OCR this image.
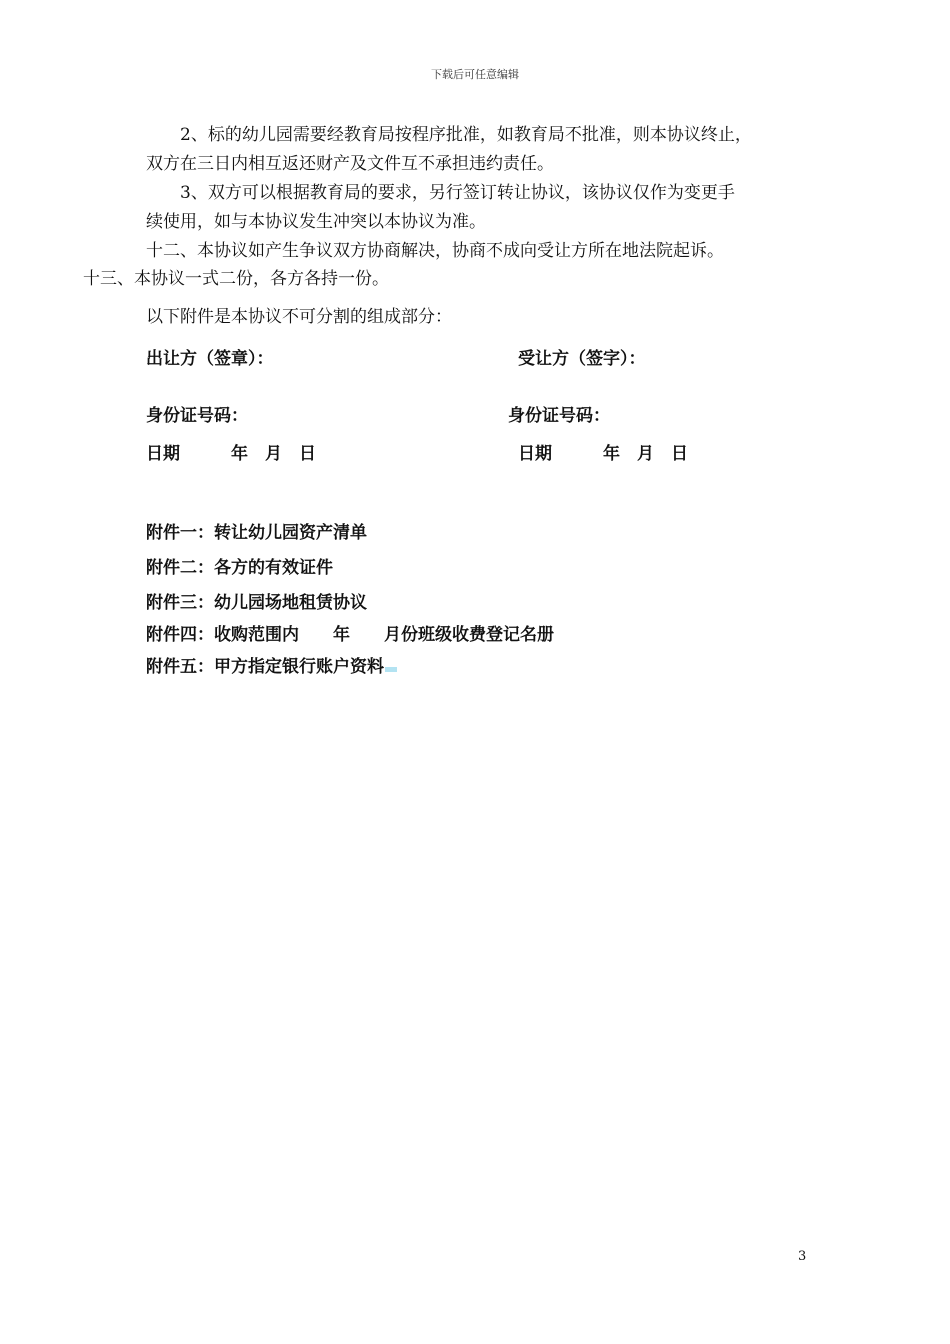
下载后可任意编辑
2、标的幼儿园需要经教育局按程序批准，如教育局不批准，则本协议终止，
双方在三日内相互返还财产及文件互不承担违约责任。
3、双方可以根据教育局的要求，另行签订转让协议，该协议仅作为变更手
续使用，如与本协议发生冲突以本协议为准。
十二、本协议如产生争议双方协商解决，协商不成向受让方所在地法院起诉。
十三、本协议一式二份，各方各持一份。
以下附件是本协议不可分割的组成部分：
出让方（签章）：	受让方（签字）：
身份证号码：	身份证号码：
日期　　　年　月　日	日期　　　年　月　日
附件一：转让幼儿园资产清单
附件二：各方的有效证件
附件三：幼儿园场地租赁协议
附件四：收购范围内　　年　　月份班级收费登记名册
附件五：甲方指定银行账户资料
3
